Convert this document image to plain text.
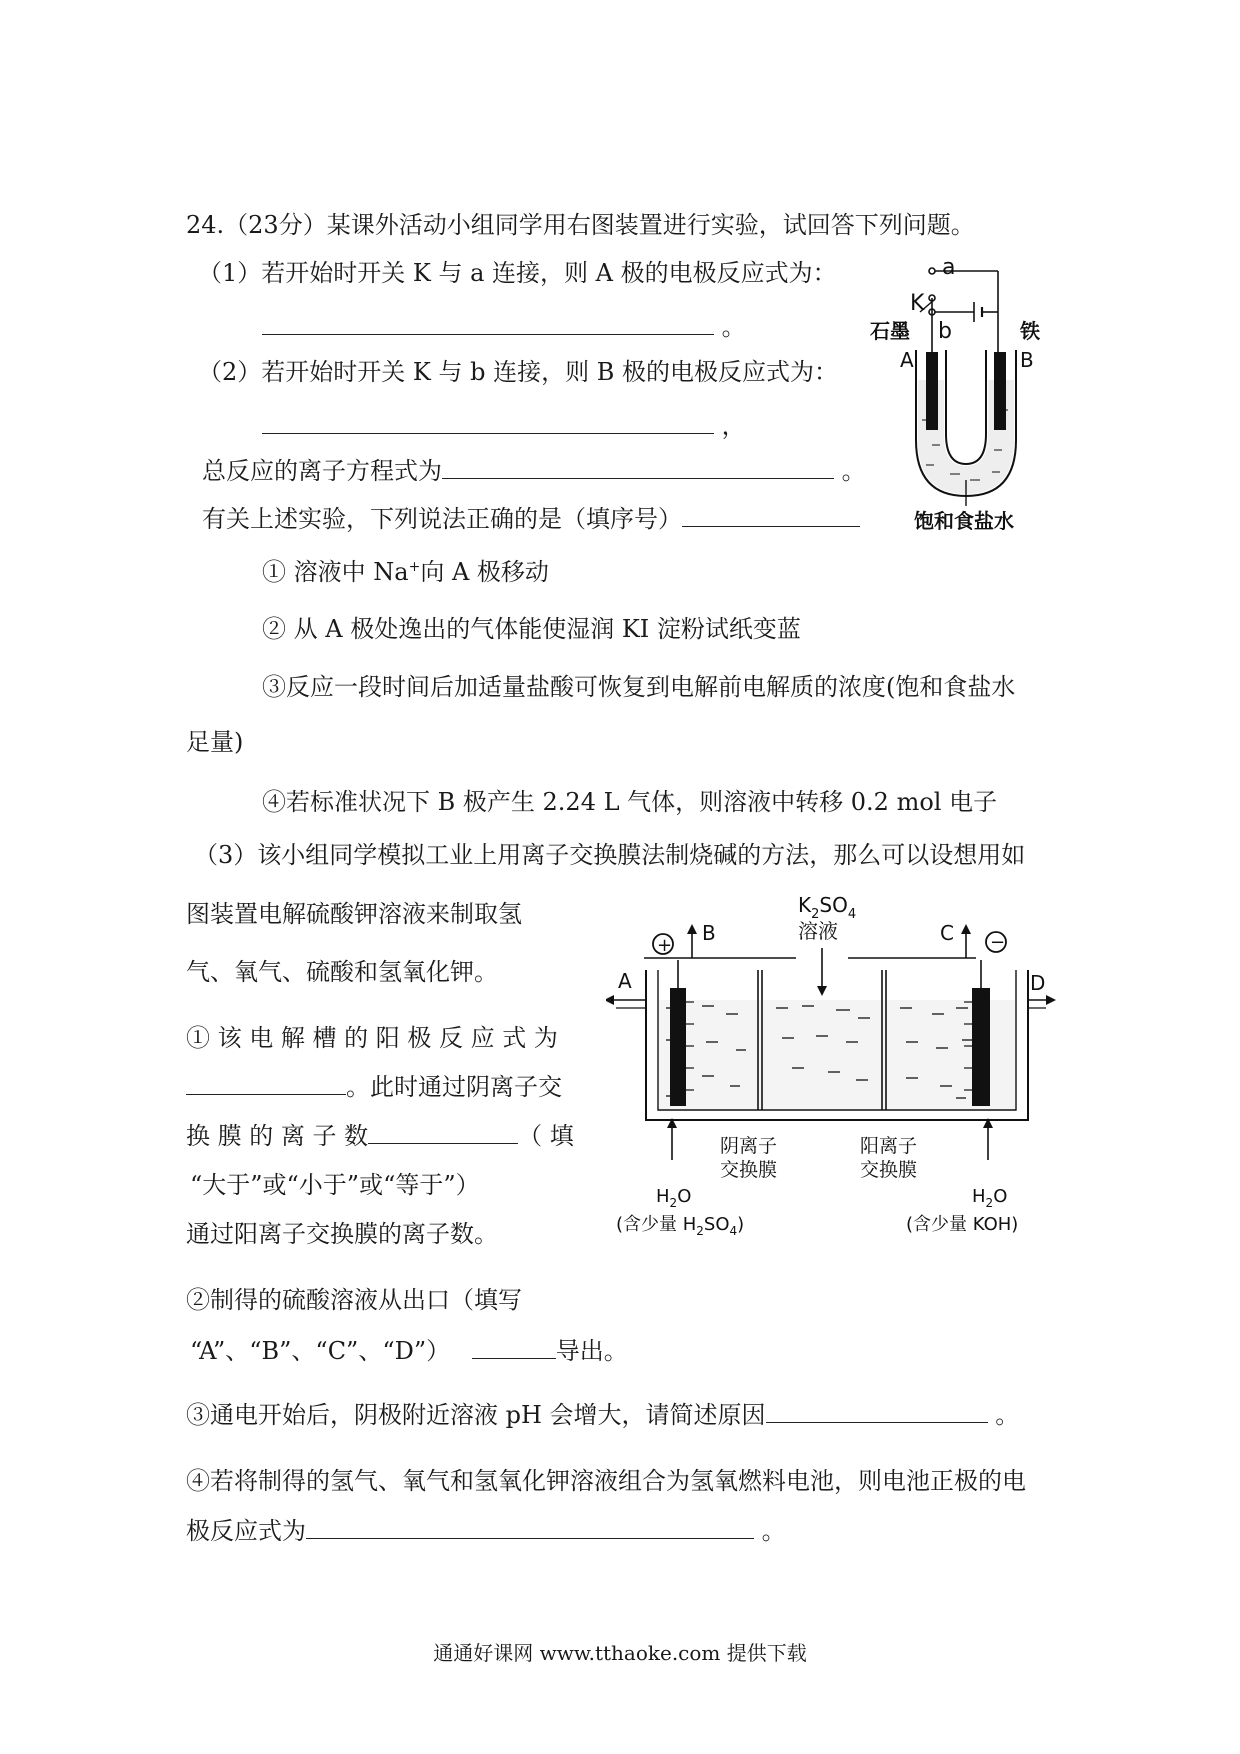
24.（23分）某课外活动小组同学用右图装置进行实验，试回答下列问题。
（1）若开始时开关 K 与 a 连接，则 A 极的电极反应式为：
。
（2）若开始时开关 K 与 b 连接，则 B 极的电极反应式为：
，
总反应的离子方程式为	。
有关上述实验，下列说法正确的是（填序号）
① 溶液中 Na+向 A 极移动
② 从 A 极处逸出的气体能使湿润 KI 淀粉试纸变蓝
③反应一段时间后加适量盐酸可恢复到电解前电解质的浓度(饱和食盐水
足量)
④若标准状况下 B 极产生 2.24 L 气体，则溶液中转移 0.2 mol 电子
（3）该小组同学模拟工业上用离子交换膜法制烧碱的方法，那么可以设想用如
图装置电解硫酸钾溶液来制取氢
气、氧气、硫酸和氢氧化钾。
① 该 电 解 槽 的 阳 极 反 应 式 为
。此时通过阴离子交
换 膜 的 离 子 数	（ 填
“大于”或“小于”或“等于”）
通过阳离子交换膜的离子数。
②制得的硫酸溶液从出口（填写
“A”、“B”、“C”、“D”）	导出。
③通电开始后，阴极附近溶液 pH 会增大，请简述原因	。
④若将制得的氢气、氧气和氢氧化钾溶液组合为氢氧燃料电池，则电池正极的电
极反应式为	。
a
K
b
石墨	铁
A	B
饱和食盐水
$K_2SO_4$
溶液
+	−
B	C
A	D
阴离子
交换膜
阳离子
交换膜
$H_2O$
(含少量 $H_2SO_4$)
$H_2O$
(含少量 KOH)
通通好课网 www.tthaoke.com 提供下载
